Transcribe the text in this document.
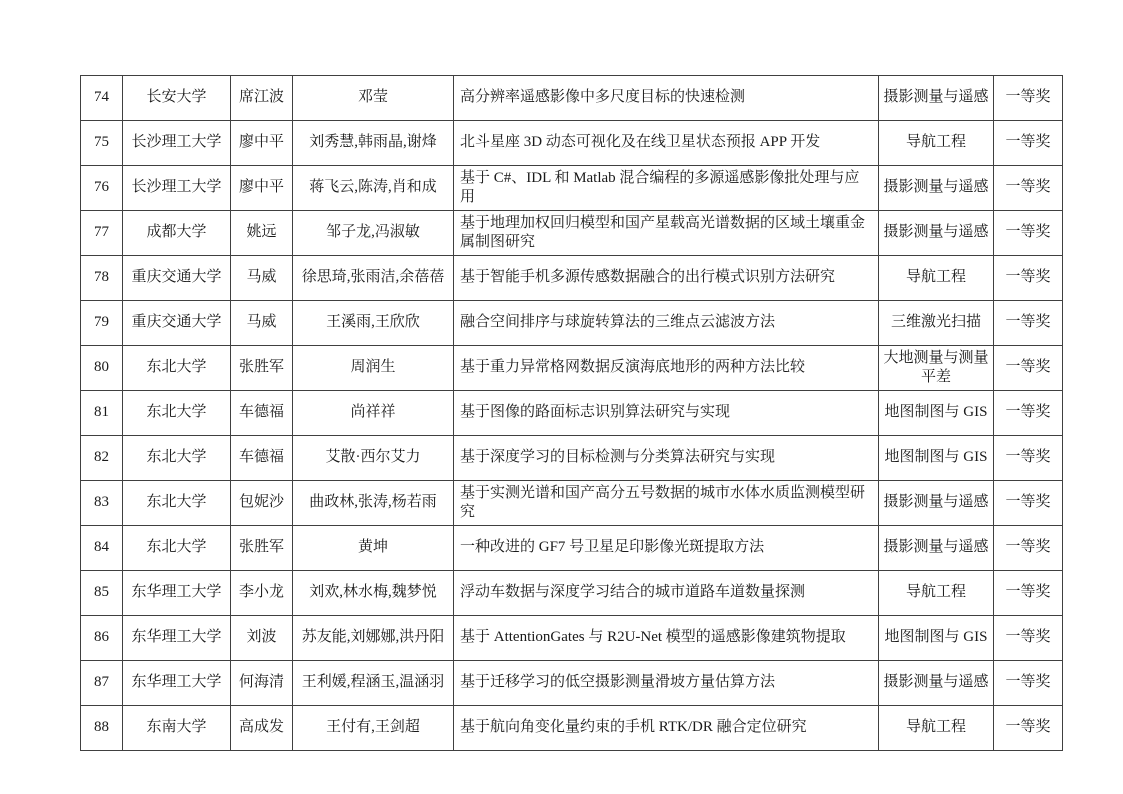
74	长安大学	席江波	邓莹	高分辨率遥感影像中多尺度目标的快速检测	摄影测量与遥感	一等奖
75	长沙理工大学	廖中平	刘秀慧,韩雨晶,谢烽	北斗星座 3D 动态可视化及在线卫星状态预报 APP 开发	导航工程	一等奖
76	长沙理工大学	廖中平	蒋飞云,陈涛,肖和成	基于 C#、IDL 和 Matlab 混合编程的多源遥感影像批处理与应用	摄影测量与遥感	一等奖
77	成都大学	姚远	邹子龙,冯淑敏	基于地理加权回归模型和国产星载高光谱数据的区域土壤重金属制图研究	摄影测量与遥感	一等奖
78	重庆交通大学	马威	徐思琦,张雨洁,余蓓蓓	基于智能手机多源传感数据融合的出行模式识别方法研究	导航工程	一等奖
79	重庆交通大学	马威	王溪雨,王欣欣	融合空间排序与球旋转算法的三维点云滤波方法	三维激光扫描	一等奖
80	东北大学	张胜军	周润生	基于重力异常格网数据反演海底地形的两种方法比较	大地测量与测量平差	一等奖
81	东北大学	车德福	尚祥祥	基于图像的路面标志识别算法研究与实现	地图制图与 GIS	一等奖
82	东北大学	车德福	艾散·西尔艾力	基于深度学习的目标检测与分类算法研究与实现	地图制图与 GIS	一等奖
83	东北大学	包妮沙	曲政林,张涛,杨若雨	基于实测光谱和国产高分五号数据的城市水体水质监测模型研究	摄影测量与遥感	一等奖
84	东北大学	张胜军	黄坤	一种改进的 GF7 号卫星足印影像光斑提取方法	摄影测量与遥感	一等奖
85	东华理工大学	李小龙	刘欢,林水梅,魏梦悦	浮动车数据与深度学习结合的城市道路车道数量探测	导航工程	一等奖
86	东华理工大学	刘波	苏友能,刘娜娜,洪丹阳	基于 AttentionGates 与 R2U-Net 模型的遥感影像建筑物提取	地图制图与 GIS	一等奖
87	东华理工大学	何海清	王利媛,程涵玉,温涵羽	基于迁移学习的低空摄影测量滑坡方量估算方法	摄影测量与遥感	一等奖
88	东南大学	高成发	王付有,王剑超	基于航向角变化量约束的手机 RTK/DR 融合定位研究	导航工程	一等奖
